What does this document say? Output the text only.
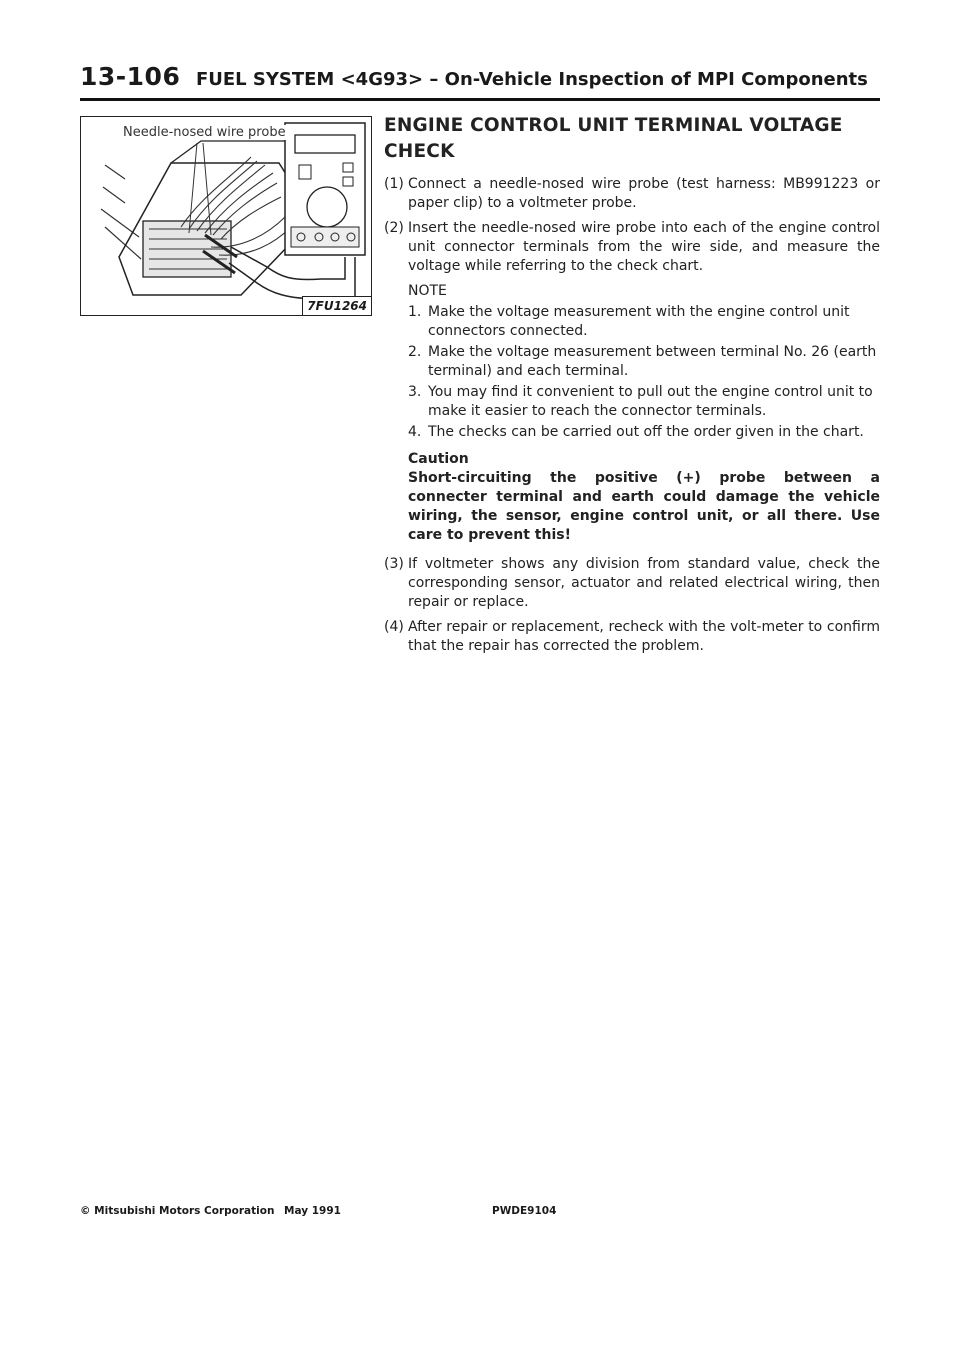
13-106 FUEL SYSTEM <4G93> – On-Vehicle Inspection of MPI Components
Needle-nosed wire probe
7FU1264
ENGINE CONTROL UNIT TERMINAL VOLTAGE CHECK
(1) Connect a needle-nosed wire probe (test harness: MB991223 or paper clip) to a voltmeter probe.
(2) Insert the needle-nosed wire probe into each of the engine control unit connector terminals from the wire side, and measure the voltage while referring to the check chart.
NOTE
1. Make the voltage measurement with the engine control unit connectors connected.
2. Make the voltage measurement between terminal No. 26 (earth terminal) and each terminal.
3. You may find it convenient to pull out the engine control unit to make it easier to reach the connector terminals.
4. The checks can be carried out off the order given in the chart.
Caution
Short-circuiting the positive (+) probe between a connecter terminal and earth could damage the vehicle wiring, the sensor, engine control unit, or all there. Use care to prevent this!
(3) If voltmeter shows any division from standard value, check the corresponding sensor, actuator and related electrical wiring, then repair or replace.
(4) After repair or replacement, recheck with the volt-meter to confirm that the repair has corrected the problem.
© Mitsubishi Motors Corporation May 1991	PWDE9104
